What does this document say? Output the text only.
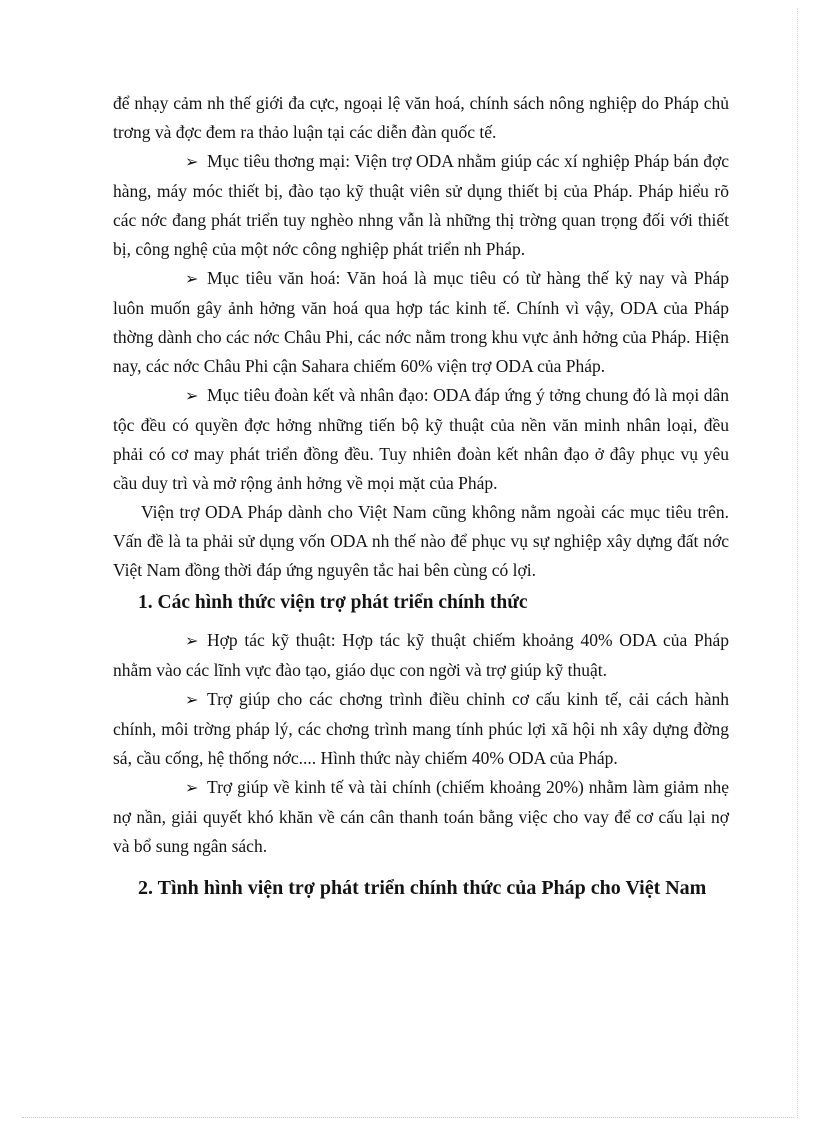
để nhạy cảm nh thế giới đa cực, ngoại lệ văn hoá, chính sách nông nghiệp do Pháp chủ trơng và đợc đem ra thảo luận tại các diễn đàn quốc tế.

➢ Mục tiêu thơng mại: Viện trợ ODA nhằm giúp các xí nghiệp Pháp bán đợc hàng, máy móc thiết bị, đào tạo kỹ thuật viên sử dụng thiết bị của Pháp. Pháp hiểu rõ các nớc đang phát triển tuy nghèo nhng vẫn là những thị trờng quan trọng đối với thiết bị, công nghệ của một nớc công nghiệp phát triển nh Pháp.

➢ Mục tiêu văn hoá: Văn hoá là mục tiêu có từ hàng thế kỷ nay và Pháp luôn muốn gây ảnh hởng văn hoá qua hợp tác kinh tế. Chính vì vậy, ODA của Pháp thờng dành cho các nớc Châu Phi, các nớc nằm trong khu vực ảnh hởng của Pháp. Hiện nay, các nớc Châu Phi cận Sahara chiếm 60% viện trợ ODA của Pháp.

➢ Mục tiêu đoàn kết và nhân đạo: ODA đáp ứng ý tởng chung đó là mọi dân tộc đều có quyền đợc hởng những tiến bộ kỹ thuật của nền văn minh nhân loại, đều phải có cơ may phát triển đồng đều. Tuy nhiên đoàn kết nhân đạo ở đây phục vụ yêu cầu duy trì và mở rộng ảnh hởng về mọi mặt của Pháp.

Viện trợ ODA Pháp dành cho Việt Nam cũng không nằm ngoài các mục tiêu trên. Vấn đề là ta phải sử dụng vốn ODA nh thế nào để phục vụ sự nghiệp xây dựng đất nớc Việt Nam đồng thời đáp ứng nguyên tắc hai bên cùng có lợi.

1. Các hình thức viện trợ phát triển chính thức

➢ Hợp tác kỹ thuật: Hợp tác kỹ thuật chiếm khoảng 40% ODA của Pháp nhằm vào các lĩnh vực đào tạo, giáo dục con ngời và trợ giúp kỹ thuật.

➢ Trợ giúp cho các chơng trình điều chỉnh cơ cấu kinh tế, cải cách hành chính, môi trờng pháp lý, các chơng trình mang tính phúc lợi xã hội nh xây dựng đờng sá, cầu cống, hệ thống nớc.... Hình thức này chiếm 40% ODA của Pháp.

➢ Trợ giúp về kinh tế và tài chính (chiếm khoảng 20%) nhằm làm giảm nhẹ nợ nần, giải quyết khó khăn về cán cân thanh toán bằng việc cho vay để cơ cấu lại nợ và bổ sung ngân sách.

2. Tình hình viện trợ phát triển chính thức của Pháp cho Việt Nam
